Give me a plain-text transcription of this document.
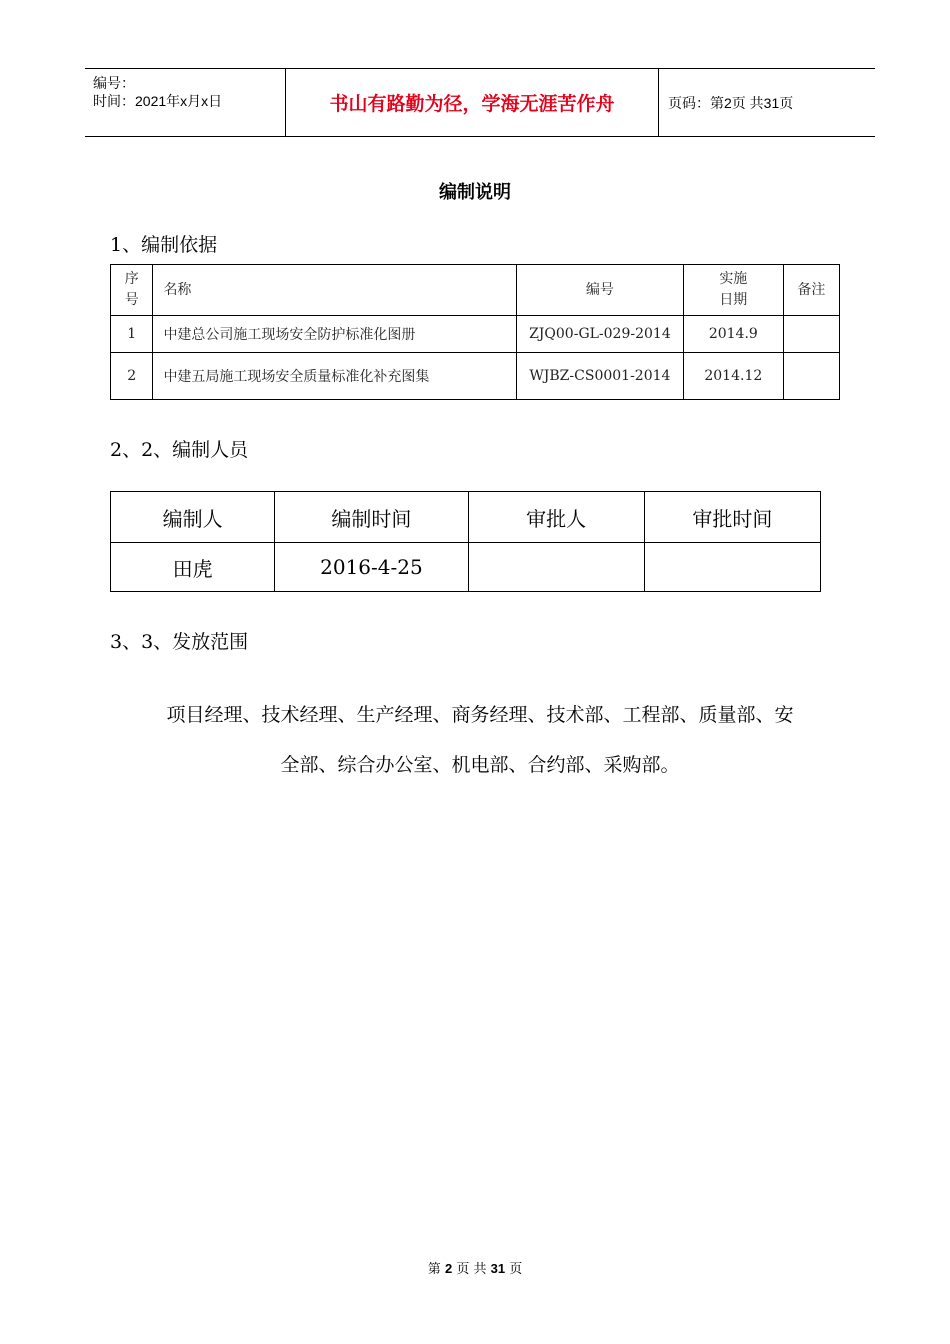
编号：
时间：2021年x月x日	书山有路勤为径，学海无涯苦作舟	页码：第2页 共31页
编制说明
1、编制依据
序号	名称	编号	实施日期	备注
1	中建总公司施工现场安全防护标准化图册	ZJQ00-GL-029-2014	2014.9	
2	中建五局施工现场安全质量标准化补充图集	WJBZ-CS0001-2014	2014.12	
2、2、编制人员
编制人	编制时间	审批人	审批时间
田虎	2016-4-25		
3、3、发放范围
项目经理、技术经理、生产经理、商务经理、技术部、工程部、质量部、安
全部、综合办公室、机电部、合约部、采购部。
第 2 页 共 31 页
